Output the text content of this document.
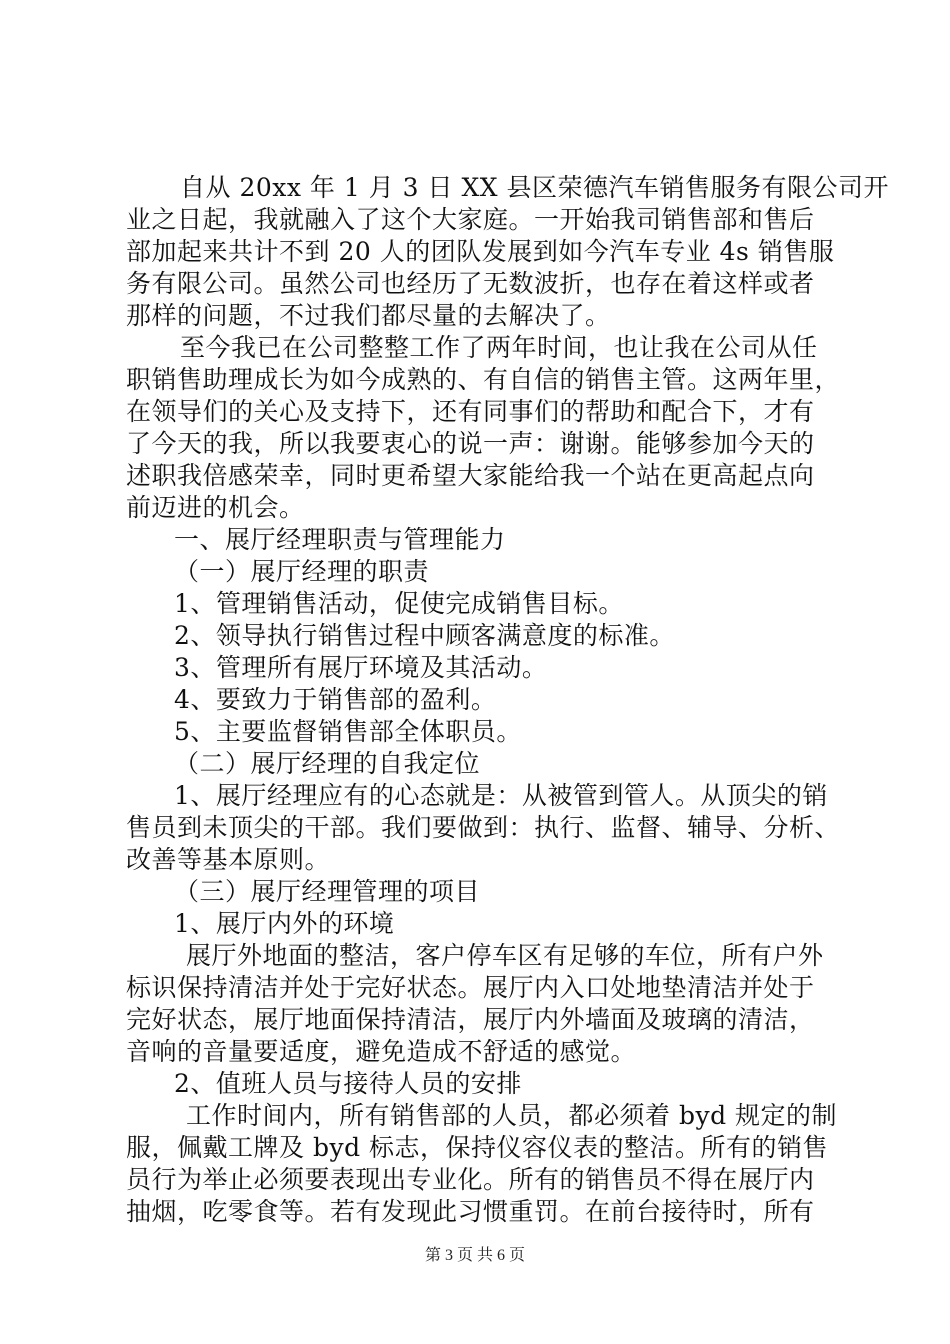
自从 20xx 年 1 月 3 日 XX 县区荣德汽车销售服务有限公司开
业之日起，我就融入了这个大家庭。一开始我司销售部和售后
部加起来共计不到 20 人的团队发展到如今汽车专业 4s 销售服
务有限公司。虽然公司也经历了无数波折，也存在着这样或者
那样的问题，不过我们都尽量的去解决了。
至今我已在公司整整工作了两年时间，也让我在公司从任
职销售助理成长为如今成熟的、有自信的销售主管。这两年里，
在领导们的关心及支持下，还有同事们的帮助和配合下，才有
了今天的我，所以我要衷心的说一声：谢谢。能够参加今天的
述职我倍感荣幸，同时更希望大家能给我一个站在更高起点向
前迈进的机会。
一、展厅经理职责与管理能力
（一）展厅经理的职责
1、管理销售活动，促使完成销售目标。
2、领导执行销售过程中顾客满意度的标准。
3、管理所有展厅环境及其活动。
4、要致力于销售部的盈利。
5、主要监督销售部全体职员。
（二）展厅经理的自我定位
1、展厅经理应有的心态就是：从被管到管人。从顶尖的销
售员到未顶尖的干部。我们要做到：执行、监督、辅导、分析、
改善等基本原则。
（三）展厅经理管理的项目
1、展厅内外的环境
展厅外地面的整洁，客户停车区有足够的车位，所有户外
标识保持清洁并处于完好状态。展厅内入口处地垫清洁并处于
完好状态，展厅地面保持清洁，展厅内外墙面及玻璃的清洁，
音响的音量要适度，避免造成不舒适的感觉。
2、值班人员与接待人员的安排
工作时间内，所有销售部的人员，都必须着 byd 规定的制
服，佩戴工牌及 byd 标志，保持仪容仪表的整洁。所有的销售
员行为举止必须要表现出专业化。所有的销售员不得在展厅内
抽烟，吃零食等。若有发现此习惯重罚。在前台接待时，所有
第 3 页 共 6 页
